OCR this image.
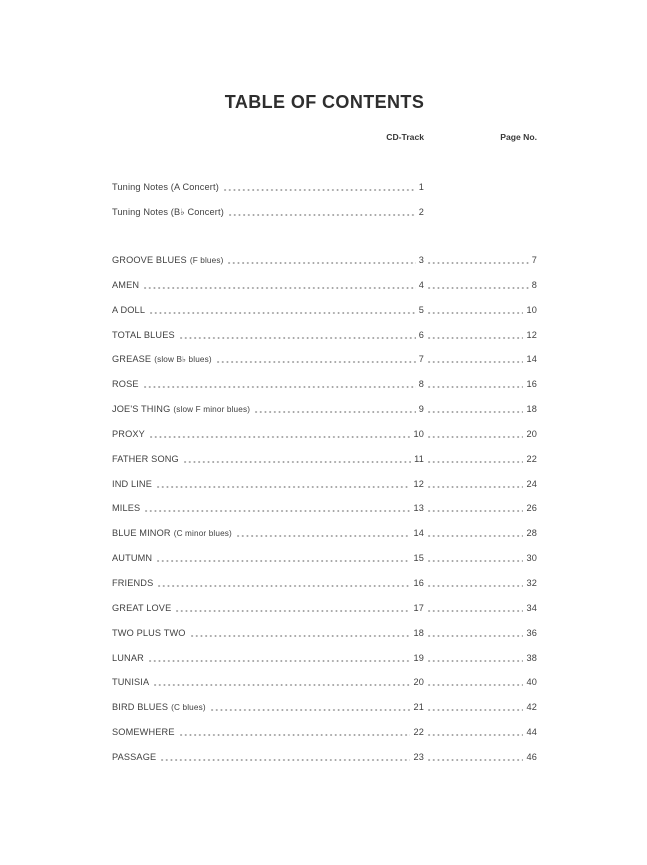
TABLE OF CONTENTS
CD-Track	Page No.
Tuning Notes (A Concert)	1
Tuning Notes (B♭ Concert)	2
GROOVE BLUES (F blues)	3	7
AMEN	4	8
A DOLL	5	10
TOTAL BLUES	6	12
GREASE (slow B♭ blues)	7	14
ROSE	8	16
JOE'S THING (slow F minor blues)	9	18
PROXY	10	20
FATHER SONG	11	22
IND LINE	12	24
MILES	13	26
BLUE MINOR (C minor blues)	14	28
AUTUMN	15	30
FRIENDS	16	32
GREAT LOVE	17	34
TWO PLUS TWO	18	36
LUNAR	19	38
TUNISIA	20	40
BIRD BLUES (C blues)	21	42
SOMEWHERE	22	44
PASSAGE	23	46
